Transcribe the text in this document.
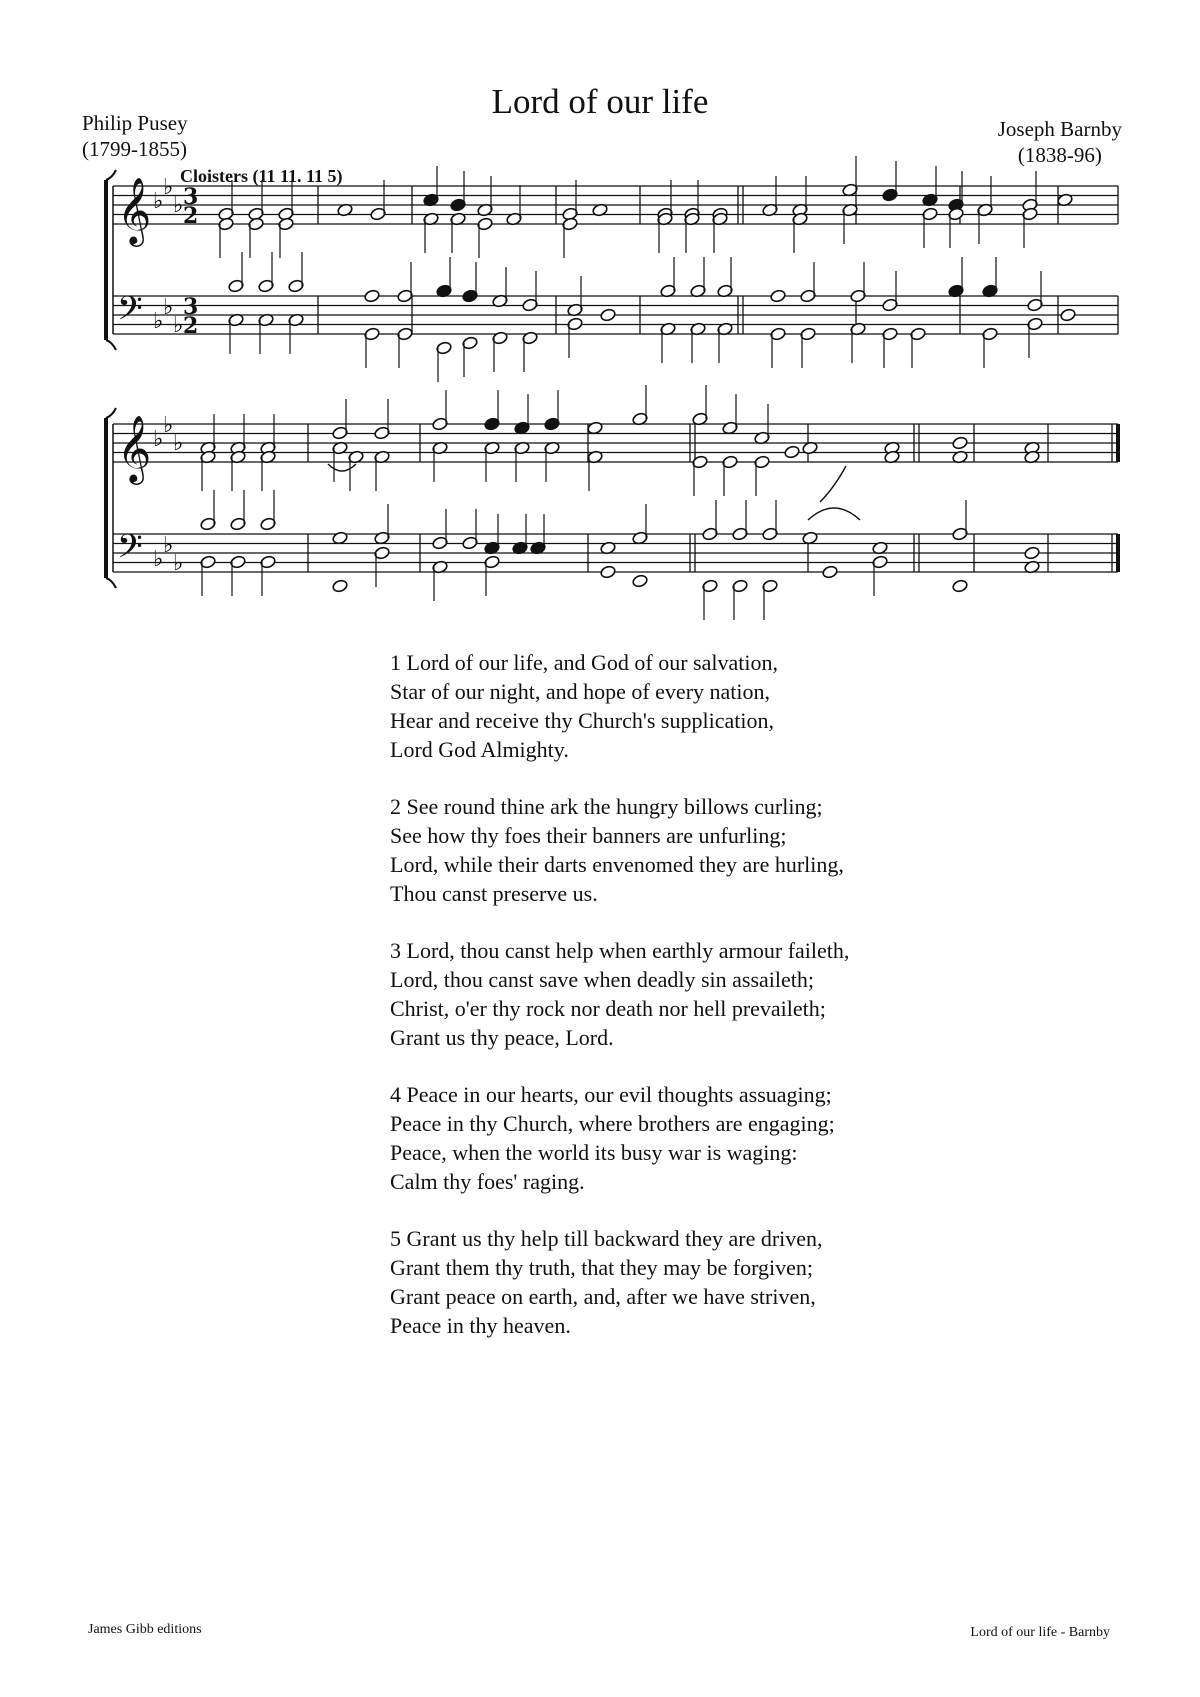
Lord of our life
Philip Pusey
(1799-1855)
Joseph Barnby
(1838-96)
Cloisters (11 11. 11 5)
𝄞 ♭
♭
♭ 3
2
𝄢 ♭
♭
♭
3
2
𝄞 ♭
♭
♭
𝄢 ♭
♭
♭
1 Lord of our life, and God of our salvation,
Star of our night, and hope of every nation,
Hear and receive thy Church's supplication,
Lord God Almighty.
2 See round thine ark the hungry billows curling;
See how thy foes their banners are unfurling;
Lord, while their darts envenomed they are hurling,
Thou canst preserve us.
3 Lord, thou canst help when earthly armour faileth,
Lord, thou canst save when deadly sin assaileth;
Christ, o'er thy rock nor death nor hell prevaileth;
Grant us thy peace, Lord.
4 Peace in our hearts, our evil thoughts assuaging;
Peace in thy Church, where brothers are engaging;
Peace, when the world its busy war is waging:
Calm thy foes' raging.
5 Grant us thy help till backward they are driven,
Grant them thy truth, that they may be forgiven;
Grant peace on earth, and, after we have striven,
Peace in thy heaven.
James Gibb editions	Lord of our life - Barnby
